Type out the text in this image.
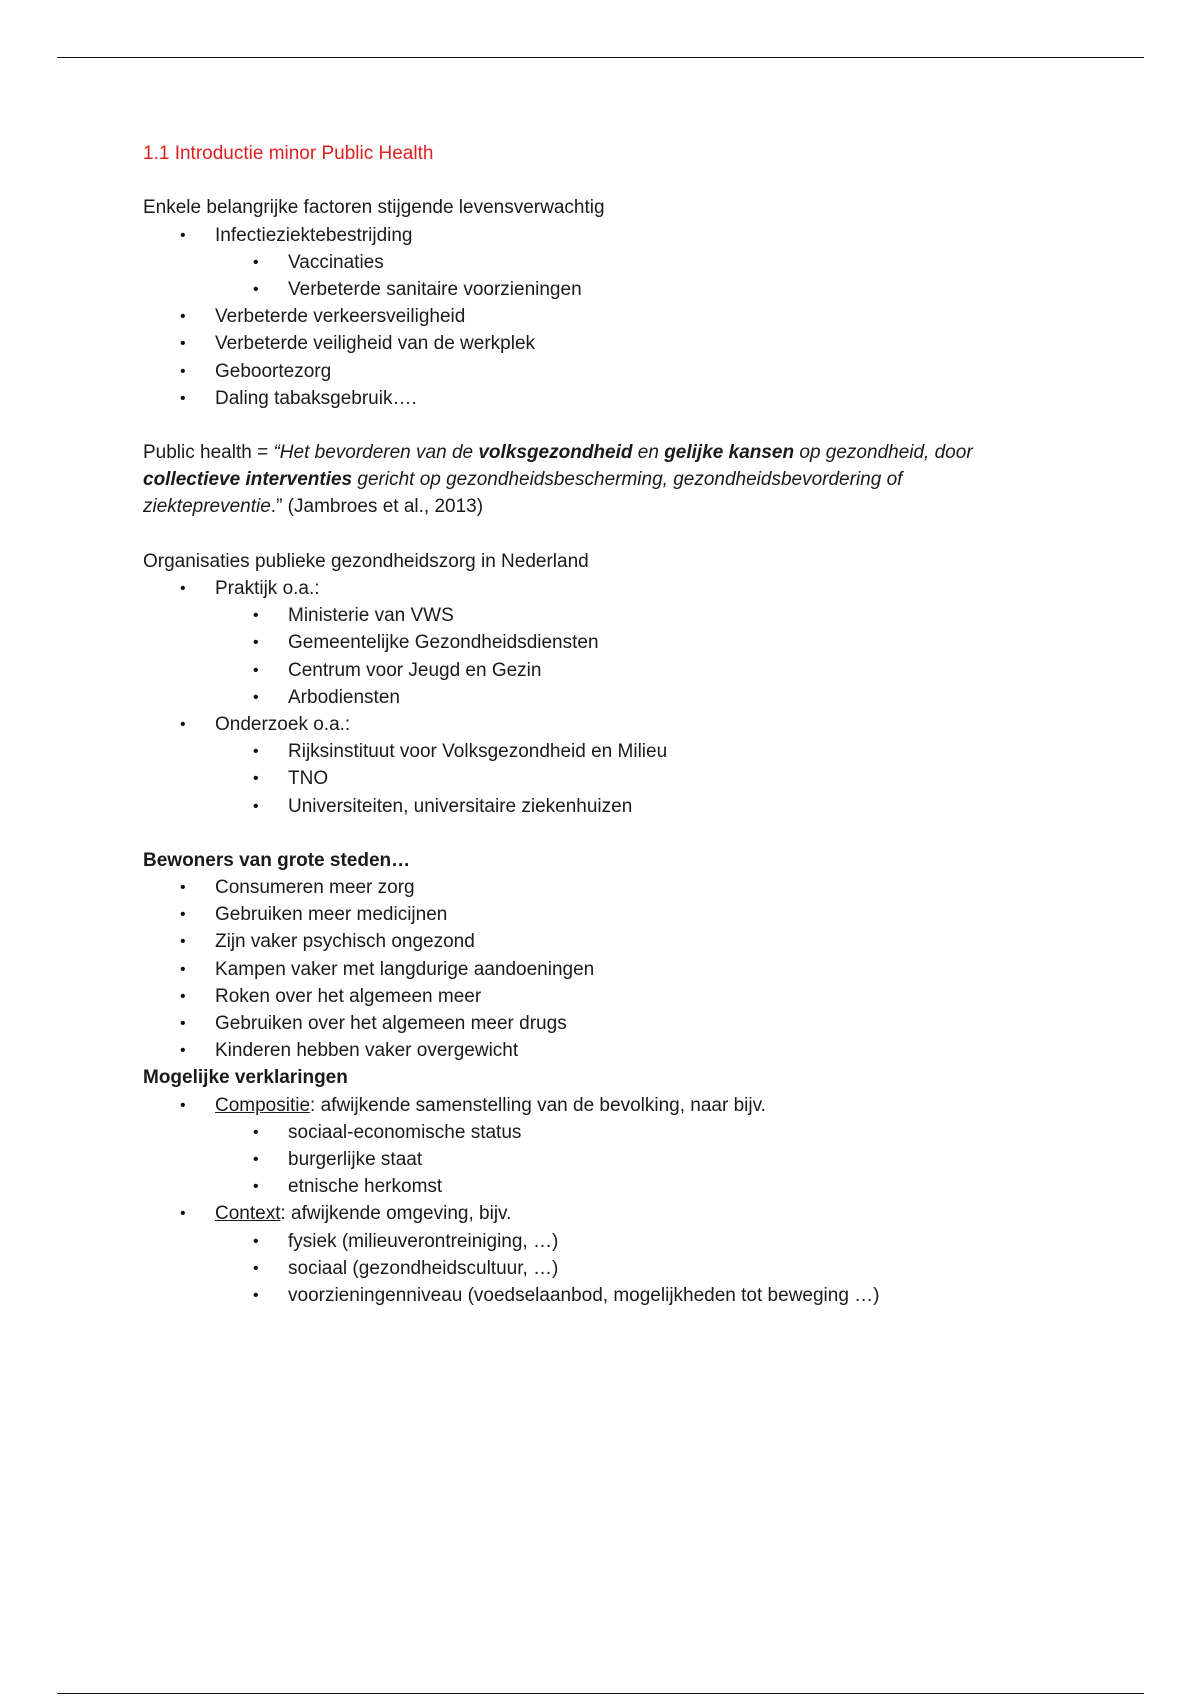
1.1 Introductie minor Public Health
Enkele belangrijke factoren stijgende levensverwachtig
• Infectieziektebestrijding
• Vaccinaties
• Verbeterde sanitaire voorzieningen
• Verbeterde verkeersveiligheid
• Verbeterde veiligheid van de werkplek
• Geboortezorg
• Daling tabaksgebruik….
Public health = “Het bevorderen van de volksgezondheid en gelijke kansen op gezondheid, door
collectieve interventies gericht op gezondheidsbescherming, gezondheidsbevordering of
ziektepreventie.” (Jambroes et al., 2013)
Organisaties publieke gezondheidszorg in Nederland
• Praktijk o.a.:
• Ministerie van VWS
• Gemeentelijke Gezondheidsdiensten
• Centrum voor Jeugd en Gezin
• Arbodiensten
• Onderzoek o.a.:
• Rijksinstituut voor Volksgezondheid en Milieu
• TNO
• Universiteiten, universitaire ziekenhuizen
Bewoners van grote steden…
• Consumeren meer zorg
• Gebruiken meer medicijnen
• Zijn vaker psychisch ongezond
• Kampen vaker met langdurige aandoeningen
• Roken over het algemeen meer
• Gebruiken over het algemeen meer drugs
• Kinderen hebben vaker overgewicht
Mogelijke verklaringen
• Compositie: afwijkende samenstelling van de bevolking, naar bijv.
• sociaal-economische status
• burgerlijke staat
• etnische herkomst
• Context: afwijkende omgeving, bijv.
• fysiek (milieuverontreiniging, …)
• sociaal (gezondheidscultuur, …)
• voorzieningenniveau (voedselaanbod, mogelijkheden tot beweging …)
